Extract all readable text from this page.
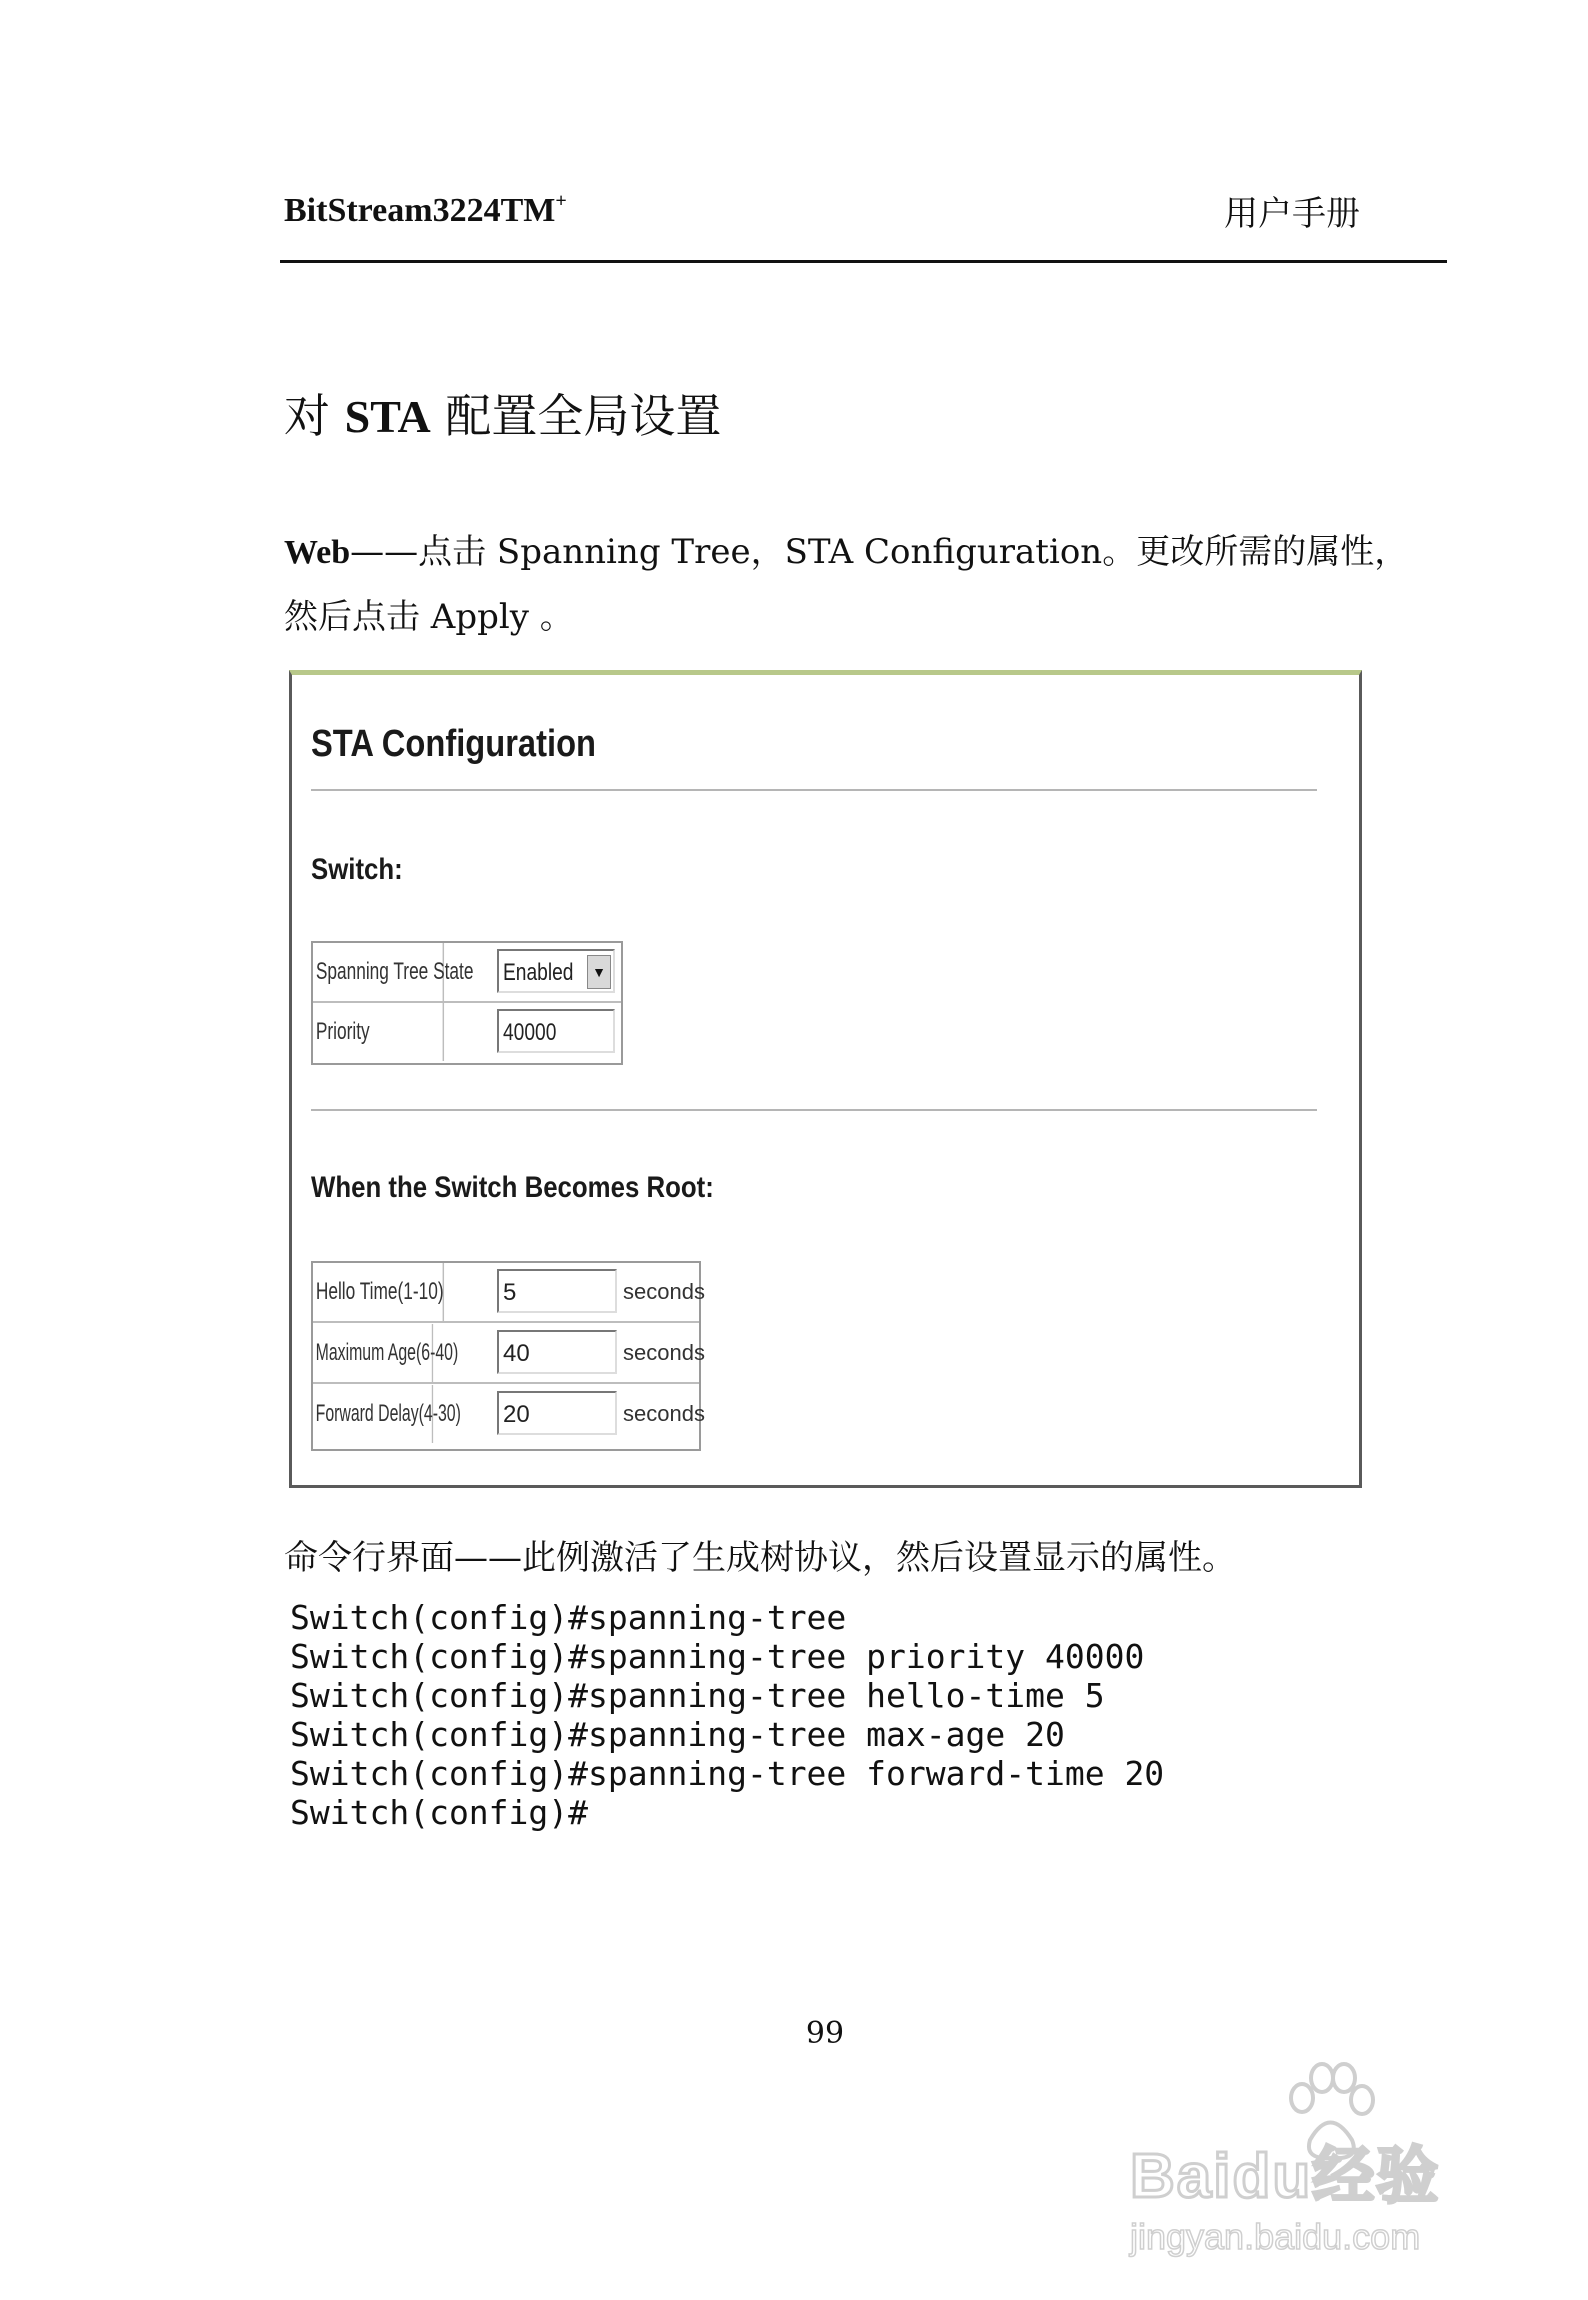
BitStream3224TM+	用户手册
对 STA 配置全局设置
Web——点击 Spanning Tree，STA Configuration。更改所需的属性，然后点击 Apply 。
STA Configuration
Switch:
Spanning Tree State Enabled	▼
Priority	40000
When the Switch Becomes Root:
Hello Time(1-10) 5	seconds
Maximum Age(6-40) 40	seconds
Forward Delay(4-30) 20	seconds
命令行界面——此例激活了生成树协议，然后设置显示的属性。
Switch(config)#spanning-tree
Switch(config)#spanning-tree priority 40000
Switch(config)#spanning-tree hello-time 5
Switch(config)#spanning-tree max-age 20
Switch(config)#spanning-tree forward-time 20
Switch(config)#
99
Baidu经验
jingyan.baidu.com
